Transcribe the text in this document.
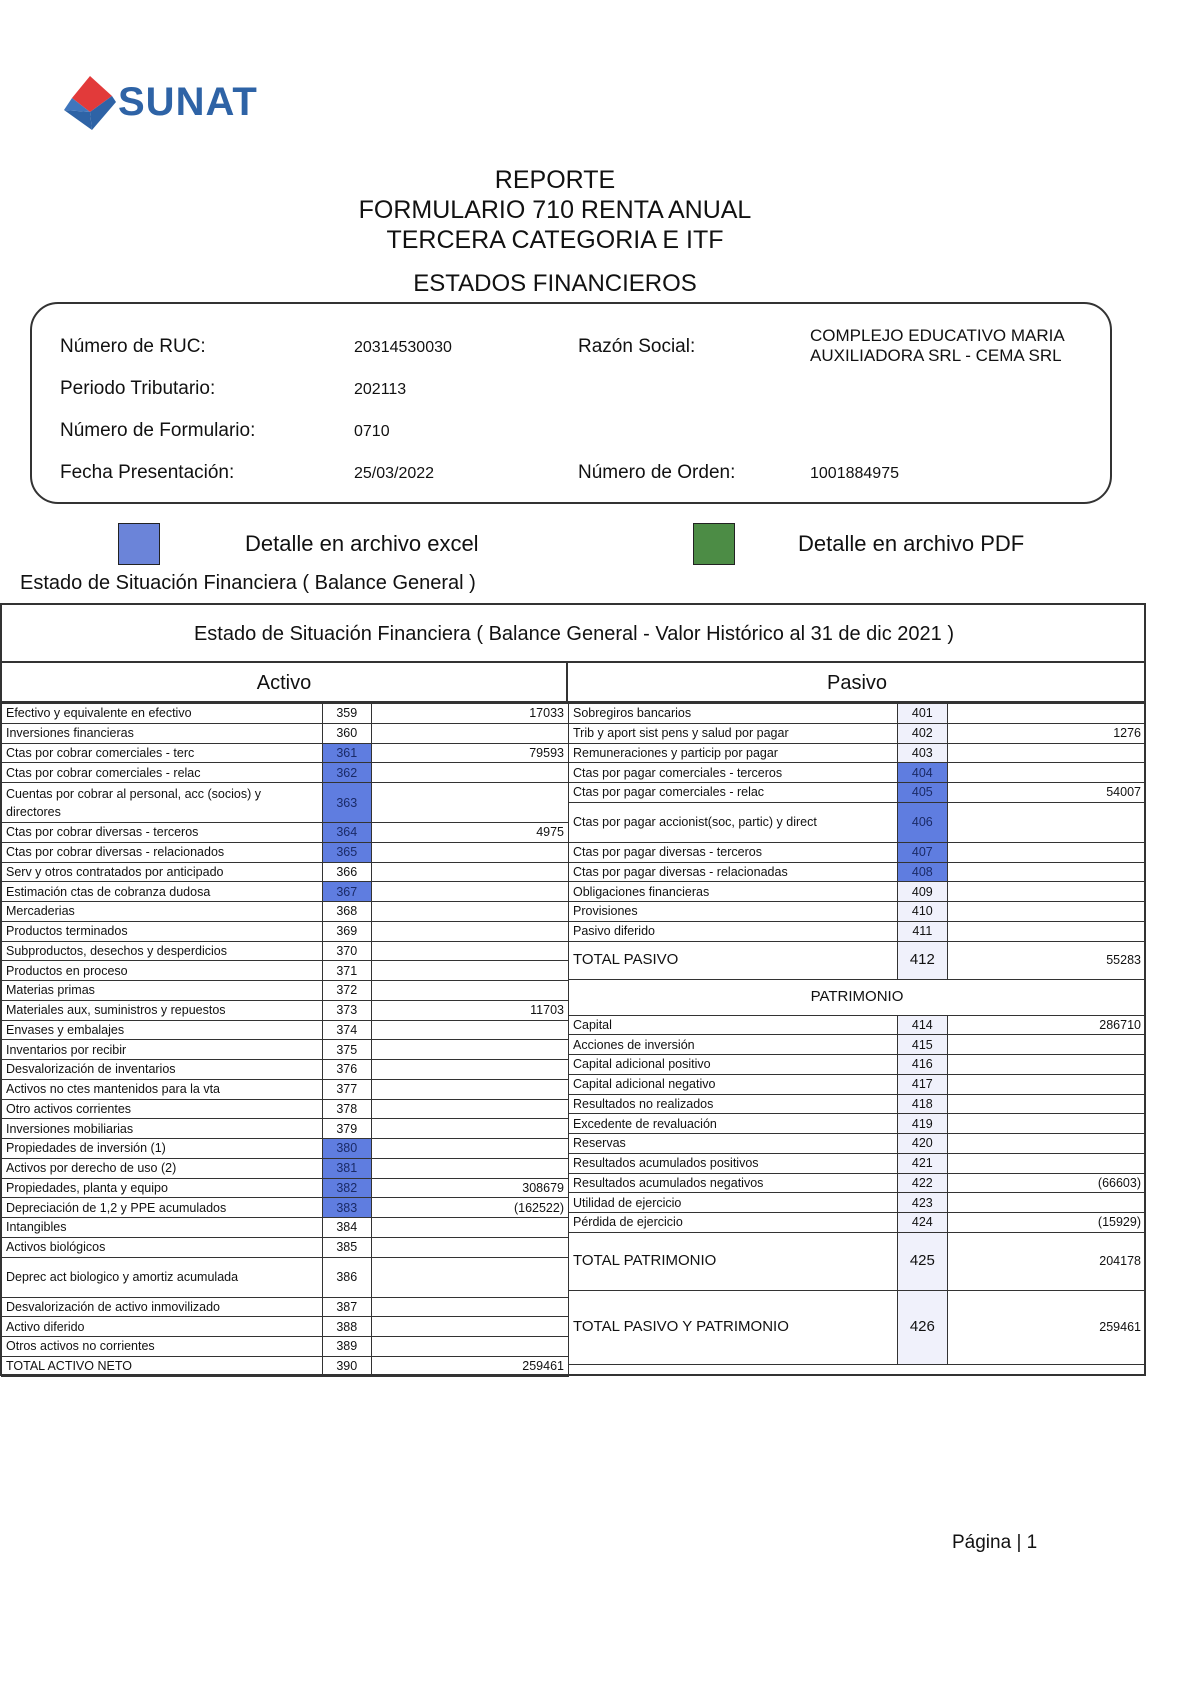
SUNAT
REPORTE
FORMULARIO 710 RENTA ANUAL
TERCERA CATEGORIA E ITF
ESTADOS FINANCIEROS
Número de RUC:	20314530030	Razón Social:
COMPLEJO EDUCATIVO MARIA
AUXILIADORA SRL - CEMA SRL
Periodo Tributario:	202113
Número de Formulario:	0710
Fecha Presentación:	25/03/2022	Número de Orden:	1001884975
Detalle en archivo excel	Detalle en archivo PDF
Estado de Situación Financiera ( Balance General )
Estado de Situación Financiera ( Balance General - Valor Histórico al 31 de dic 2021 )
Activo	Pasivo
Efectivo y equivalente en efectivo	359	17033
Inversiones financieras	360	
Ctas por cobrar comerciales - terc	361	79593
Ctas por cobrar comerciales - relac	362	
Cuentas por cobrar al personal, acc (socios) y directores	363	
Ctas por cobrar diversas - terceros	364	4975
Ctas por cobrar diversas - relacionados	365	
Serv y otros contratados por anticipado	366	
Estimación ctas de cobranza dudosa	367	
Mercaderias	368	
Productos terminados	369	
Subproductos, desechos y desperdicios	370	
Productos en proceso	371	
Materias primas	372	
Materiales aux, suministros y repuestos	373	11703
Envases y embalajes	374	
Inventarios por recibir	375	
Desvalorización de inventarios	376	
Activos no ctes mantenidos para la vta	377	
Otro activos corrientes	378	
Inversiones mobiliarias	379	
Propiedades de inversión (1)	380	
Activos por derecho de uso (2)	381	
Propiedades, planta y equipo	382	308679
Depreciación de 1,2 y PPE acumulados	383	(162522)
Intangibles	384	
Activos biológicos	385	
Deprec act biologico y amortiz acumulada	386	
Desvalorización de activo inmovilizado	387	
Activo diferido	388	
Otros activos no corrientes	389	
TOTAL ACTIVO NETO	390	259461
Sobregiros bancarios	401	
Trib y aport sist pens y salud por pagar	402	1276
Remuneraciones y particip por pagar	403	
Ctas por pagar comerciales - terceros	404	
Ctas por pagar comerciales - relac	405	54007
Ctas por pagar accionist(soc, partic) y direct	406	
Ctas por pagar diversas - terceros	407	
Ctas por pagar diversas - relacionadas	408	
Obligaciones financieras	409	
Provisiones	410	
Pasivo diferido	411	
TOTAL PASIVO	412	55283
PATRIMONIO		
Capital	414	286710
Acciones de inversión	415	
Capital adicional positivo	416	
Capital adicional negativo	417	
Resultados no realizados	418	
Excedente de revaluación	419	
Reservas	420	
Resultados acumulados positivos	421	
Resultados acumulados negativos	422	(66603)
Utilidad de ejercicio	423	
Pérdida de ejercicio	424	(15929)
TOTAL PATRIMONIO	425	204178
TOTAL PASIVO Y PATRIMONIO	426	259461
Página | 1
